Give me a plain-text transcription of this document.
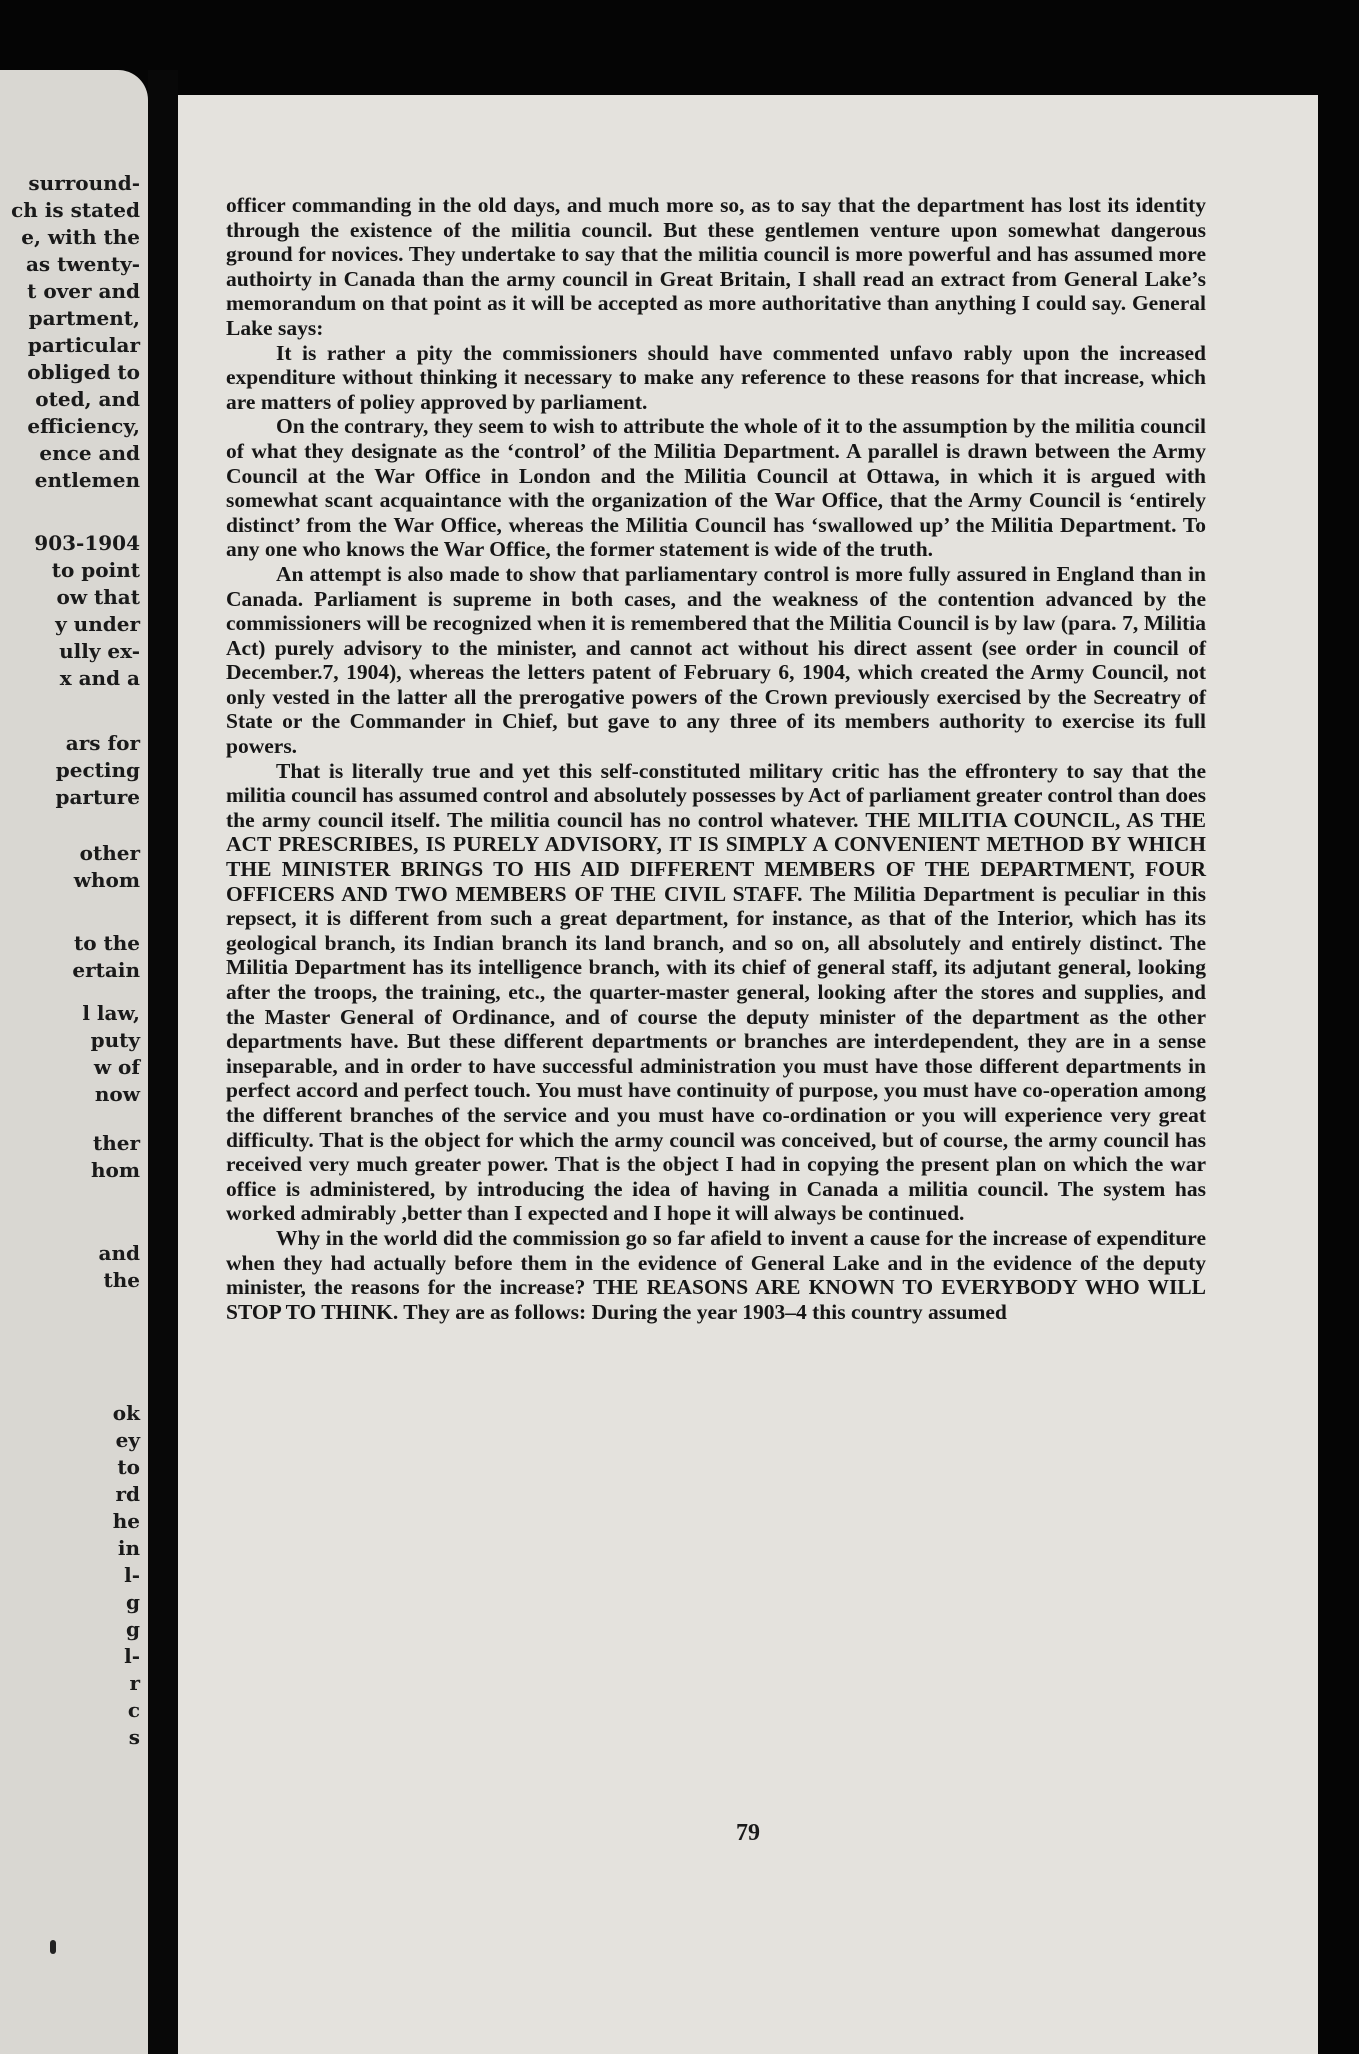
surround-
ch is stated
e, with the
as twenty-
t over and
partment,
particular
obliged to
oted, and
efficiency,
ence and
entlemen
903-1904
to point
ow that
y under
ully ex-
x and a
ars for
pecting
parture
other
whom
to the
ertain
l law,
puty
w of
now
ther
hom
and
the
ok
ey
to
rd
he
in
l-
g
g
l-
r
c
s

officer commanding in the old days, and much more so, as to say that the department has lost its identity through the existence of the militia council. But these gentlemen venture upon somewhat dangerous ground for novices. They undertake to say that the militia council is more powerful and has assumed more authoirty in Canada than the army council in Great Britain, I shall read an extract from General Lake’s memorandum on that point as it will be accepted as more authoritative than anything I could say. General Lake says:

It is rather a pity the commissioners should have commented unfavo rably upon the increased expenditure without thinking it necessary to make any reference to these reasons for that increase, which are matters of poliey approved by parliament.

On the contrary, they seem to wish to attribute the whole of it to the assumption by the militia council of what they designate as the ‘control’ of the Militia Department. A parallel is drawn between the Army Council at the War Office in London and the Militia Council at Ottawa, in which it is argued with somewhat scant acquaintance with the organization of the War Office, that the Army Council is ‘entirely distinct’ from the War Office, whereas the Militia Council has ‘swallowed up’ the Militia Department. To any one who knows the War Office, the former statement is wide of the truth.

An attempt is also made to show that parliamentary control is more fully assured in England than in Canada. Parliament is supreme in both cases, and the weakness of the contention advanced by the commissioners will be recognized when it is remembered that the Militia Council is by law (para. 7, Militia Act) purely advisory to the minister, and cannot act without his direct assent (see order in council of December.7, 1904), whereas the letters patent of February 6, 1904, which created the Army Council, not only vested in the latter all the prerogative powers of the Crown previously exercised by the Secreatry of State or the Commander in Chief, but gave to any three of its members authority to exercise its full powers.

That is literally true and yet this self-constituted military critic has the effrontery to say that the militia council has assumed control and absolutely possesses by Act of parliament greater control than does the army council itself. The militia council has no control whatever. THE MILITIA COUNCIL, AS THE ACT PRESCRIBES, IS PURELY ADVISORY, IT IS SIMPLY A CONVENIENT METHOD BY WHICH THE MINISTER BRINGS TO HIS AID DIFFERENT MEMBERS OF THE DEPARTMENT, FOUR OFFICERS AND TWO MEMBERS OF THE CIVIL STAFF. The Militia Department is peculiar in this repsect, it is different from such a great department, for instance, as that of the Interior, which has its geological branch, its Indian branch its land branch, and so on, all absolutely and entirely distinct. The Militia Department has its intelligence branch, with its chief of general staff, its adjutant general, looking after the troops, the training, etc., the quarter-master general, looking after the stores and supplies, and the Master General of Ordinance, and of course the deputy minister of the department as the other departments have. But these different departments or branches are interdependent, they are in a sense inseparable, and in order to have successful administration you must have those different departments in perfect accord and perfect touch. You must have continuity of purpose, you must have co-operation among the different branches of the service and you must have co-ordination or you will experience very great difficulty. That is the object for which the army council was conceived, but of course, the army council has received very much greater power. That is the object I had in copying the present plan on which the war office is administered, by introducing the idea of having in Canada a militia council. The system has worked admirably ,better than I expected and I hope it will always be continued.

Why in the world did the commission go so far afield to invent a cause for the increase of expenditure when they had actually before them in the evidence of General Lake and in the evidence of the deputy minister, the reasons for the increase? THE REASONS ARE KNOWN TO EVERYBODY WHO WILL STOP TO THINK. They are as follows: During the year 1903–4 this country assumed

79
